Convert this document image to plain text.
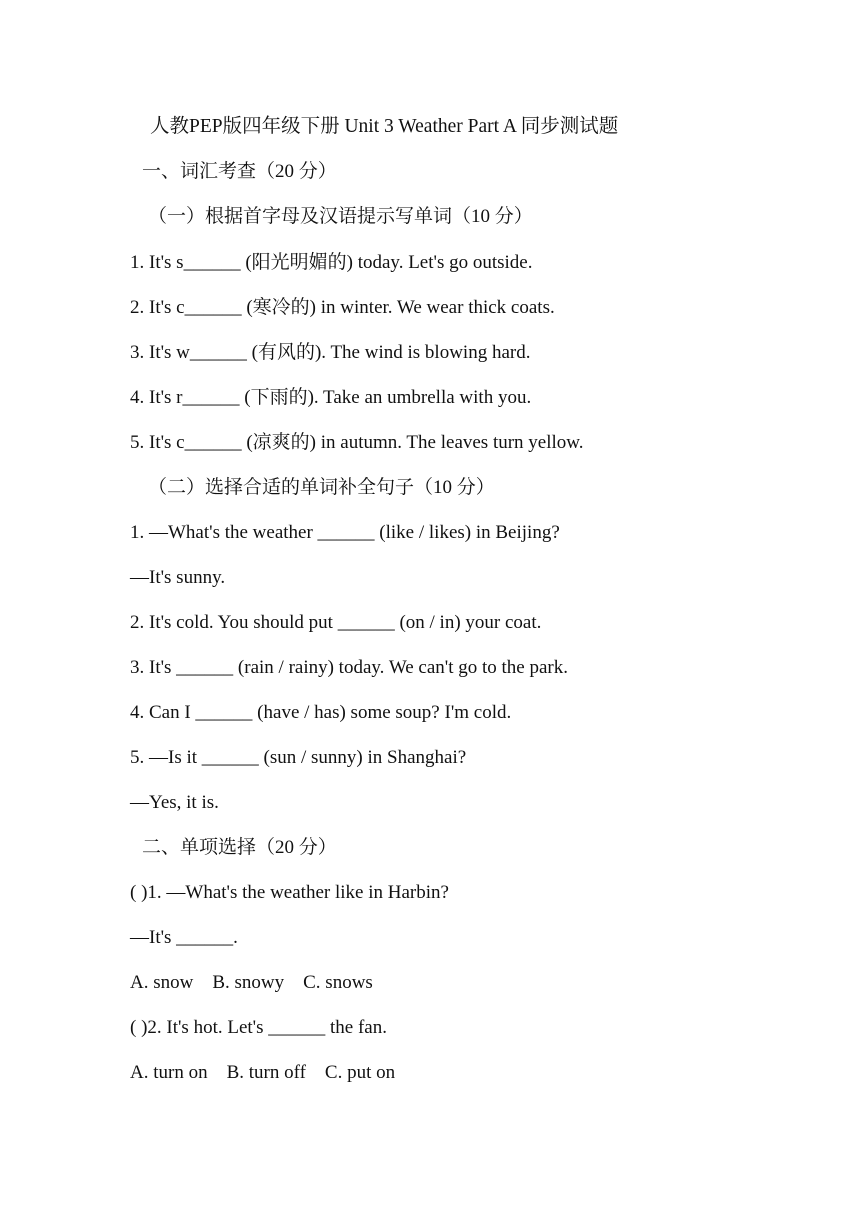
人教PEP版四年级下册 Unit 3 Weather Part A 同步测试题
一、词汇考查（20 分）
（一）根据首字母及汉语提示写单词（10 分）
1. It's s______ (阳光明媚的) today. Let's go outside.
2. It's c______ (寒冷的) in winter. We wear thick coats.
3. It's w______ (有风的). The wind is blowing hard.
4. It's r______ (下雨的). Take an umbrella with you.
5. It's c______ (凉爽的) in autumn. The leaves turn yellow.
（二）选择合适的单词补全句子（10 分）
1. —What's the weather ______ (like / likes) in Beijing?
—It's sunny.
2. It's cold. You should put ______ (on / in) your coat.
3. It's ______ (rain / rainy) today. We can't go to the park.
4. Can I ______ (have / has) some soup? I'm cold.
5. —Is it ______ (sun / sunny) in Shanghai?
—Yes, it is.
二、单项选择（20 分）
( )1. —What's the weather like in Harbin?
—It's ______.
A. snow    B. snowy    C. snows
( )2. It's hot. Let's ______ the fan.
A. turn on    B. turn off    C. put on
